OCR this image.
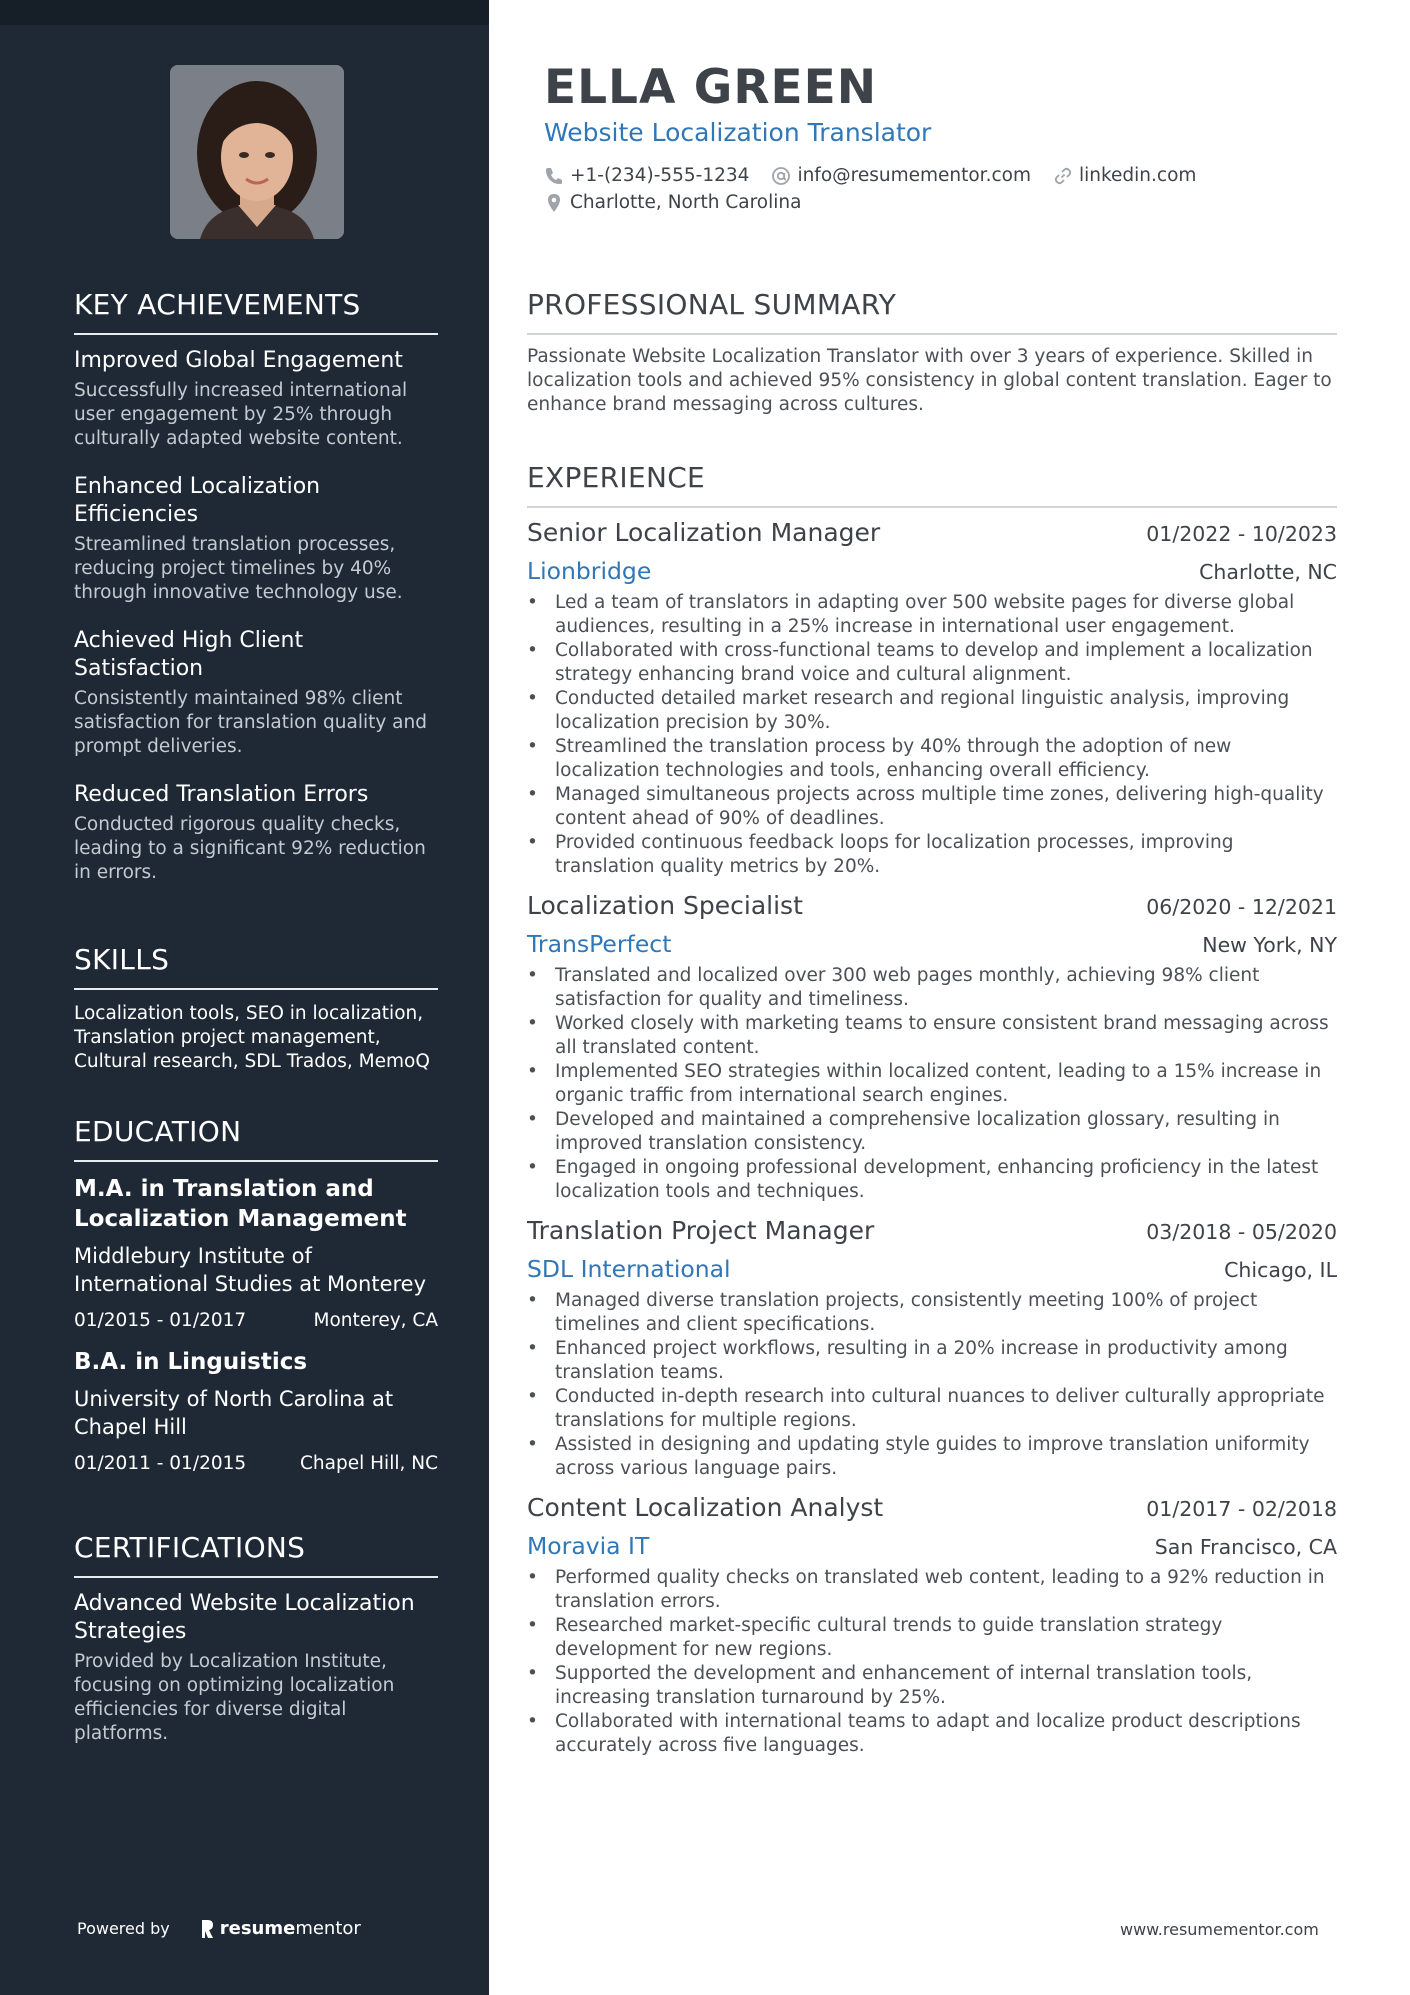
KEY ACHIEVEMENTS
Improved Global Engagement
Successfully increased international user engagement by 25% through culturally adapted website content.
Enhanced Localization Efficiencies
Streamlined translation processes, reducing project timelines by 40% through innovative technology use.
Achieved High Client Satisfaction
Consistently maintained 98% client satisfaction for translation quality and prompt deliveries.
Reduced Translation Errors
Conducted rigorous quality checks, leading to a significant 92% reduction in errors.
SKILLS
Localization tools, SEO in localization, Translation project management, Cultural research, SDL Trados, MemoQ
EDUCATION
M.A. in Translation and Localization Management
Middlebury Institute of International Studies at Monterey
01/2015 - 01/2017	Monterey, CA
B.A. in Linguistics
University of North Carolina at Chapel Hill
01/2011 - 01/2015	Chapel Hill, NC
CERTIFICATIONS
Advanced Website Localization Strategies
Provided by Localization Institute, focusing on optimizing localization efficiencies for diverse digital platforms.
Powered by	resume mentor
ELLA GREEN
Website Localization Translator
+1-(234)-555-1234	info@resumementor.com	linkedin.com
Charlotte, North Carolina
PROFESSIONAL SUMMARY
Passionate Website Localization Translator with over 3 years of experience. Skilled in localization tools and achieved 95% consistency in global content translation. Eager to enhance brand messaging across cultures.
EXPERIENCE
Senior Localization Manager	01/2022 - 10/2023
Lionbridge	Charlotte, NC
• Led a team of translators in adapting over 500 website pages for diverse global audiences, resulting in a 25% increase in international user engagement.
• Collaborated with cross-functional teams to develop and implement a localization strategy enhancing brand voice and cultural alignment.
• Conducted detailed market research and regional linguistic analysis, improving localization precision by 30%.
• Streamlined the translation process by 40% through the adoption of new localization technologies and tools, enhancing overall efficiency.
• Managed simultaneous projects across multiple time zones, delivering high-quality content ahead of 90% of deadlines.
• Provided continuous feedback loops for localization processes, improving translation quality metrics by 20%.
Localization Specialist	06/2020 - 12/2021
TransPerfect	New York, NY
• Translated and localized over 300 web pages monthly, achieving 98% client satisfaction for quality and timeliness.
• Worked closely with marketing teams to ensure consistent brand messaging across all translated content.
• Implemented SEO strategies within localized content, leading to a 15% increase in organic traffic from international search engines.
• Developed and maintained a comprehensive localization glossary, resulting in improved translation consistency.
• Engaged in ongoing professional development, enhancing proficiency in the latest localization tools and techniques.
Translation Project Manager	03/2018 - 05/2020
SDL International	Chicago, IL
• Managed diverse translation projects, consistently meeting 100% of project timelines and client specifications.
• Enhanced project workflows, resulting in a 20% increase in productivity among translation teams.
• Conducted in-depth research into cultural nuances to deliver culturally appropriate translations for multiple regions.
• Assisted in designing and updating style guides to improve translation uniformity across various language pairs.
Content Localization Analyst	01/2017 - 02/2018
Moravia IT	San Francisco, CA
• Performed quality checks on translated web content, leading to a 92% reduction in translation errors.
• Researched market-specific cultural trends to guide translation strategy development for new regions.
• Supported the development and enhancement of internal translation tools, increasing translation turnaround by 25%.
• Collaborated with international teams to adapt and localize product descriptions accurately across five languages.
www.resumementor.com
